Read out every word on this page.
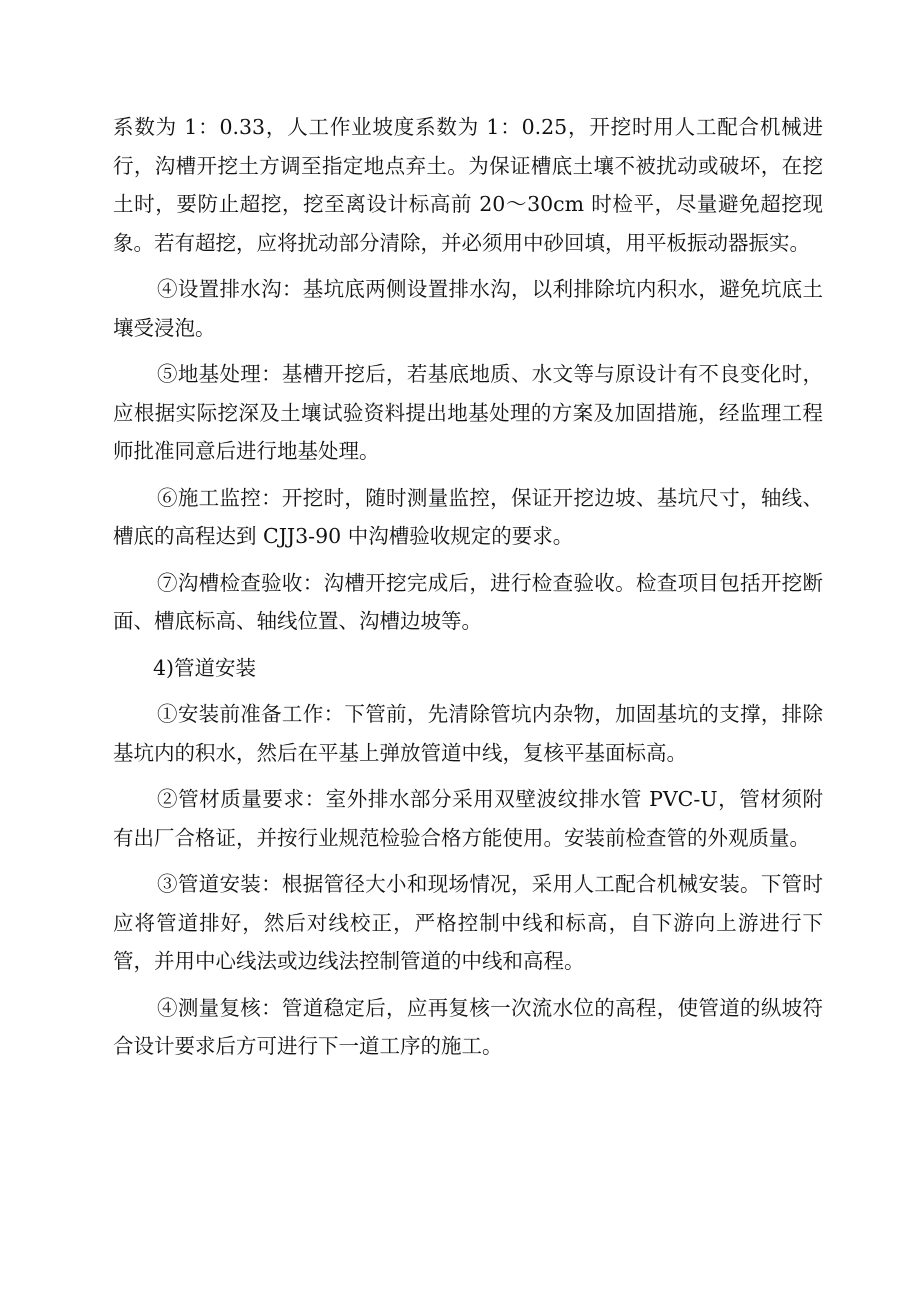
系数为 1：0.33，人工作业坡度系数为 1：0.25，开挖时用人工配合机械进行，沟槽开挖土方调至指定地点弃土。为保证槽底土壤不被扰动或破坏，在挖土时，要防止超挖，挖至离设计标高前 20～30cm 时检平，尽量避免超挖现象。若有超挖，应将扰动部分清除，并必须用中砂回填，用平板振动器振实。

④设置排水沟：基坑底两侧设置排水沟，以利排除坑内积水，避免坑底土壤受浸泡。

⑤地基处理：基槽开挖后，若基底地质、水文等与原设计有不良变化时，应根据实际挖深及土壤试验资料提出地基处理的方案及加固措施，经监理工程师批准同意后进行地基处理。

⑥施工监控：开挖时，随时测量监控，保证开挖边坡、基坑尺寸，轴线、槽底的高程达到 CJJ3-90 中沟槽验收规定的要求。

⑦沟槽检查验收：沟槽开挖完成后，进行检查验收。检查项目包括开挖断面、槽底标高、轴线位置、沟槽边坡等。

4)管道安装

①安装前准备工作：下管前，先清除管坑内杂物，加固基坑的支撑，排除基坑内的积水，然后在平基上弹放管道中线，复核平基面标高。

②管材质量要求：室外排水部分采用双壁波纹排水管 PVC-U，管材须附有出厂合格证，并按行业规范检验合格方能使用。安装前检查管的外观质量。

③管道安装：根据管径大小和现场情况，采用人工配合机械安装。下管时应将管道排好，然后对线校正，严格控制中线和标高，自下游向上游进行下管，并用中心线法或边线法控制管道的中线和高程。

④测量复核：管道稳定后，应再复核一次流水位的高程，使管道的纵坡符合设计要求后方可进行下一道工序的施工。
